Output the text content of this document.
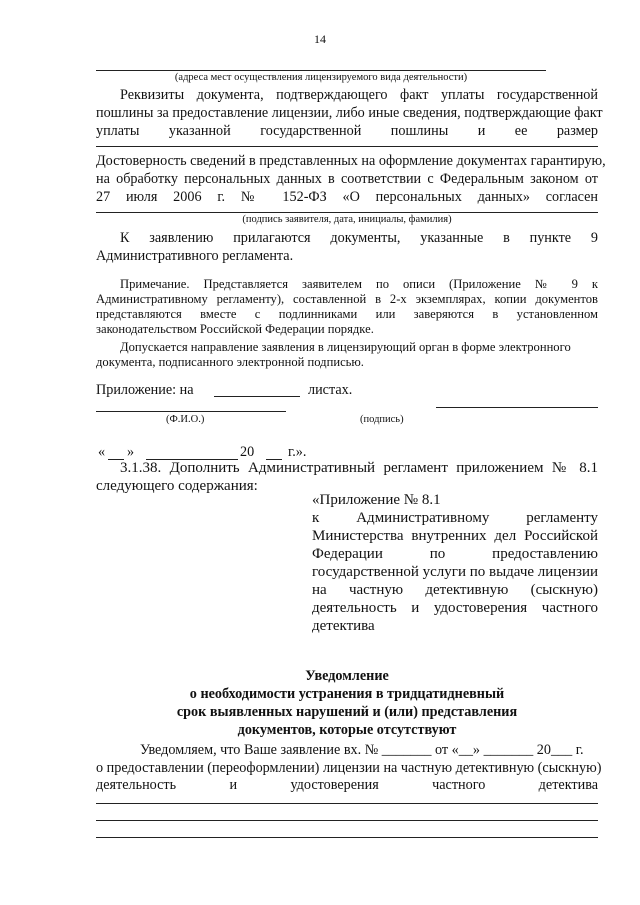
14
(адреса мест осуществления лицензируемого вида деятельности)
Реквизиты документа, подтверждающего факт уплаты государственной
пошлины за предоставление лицензии, либо иные сведения, подтверждающие факт
уплаты указанной государственной пошлины и ее размер
Достоверность сведений в представленных на оформление документах гарантирую,
на обработку персональных данных в соответствии с Федеральным законом от
27 июля 2006 г. № 152-ФЗ «О персональных данных» согласен
(подпись заявителя, дата, инициалы, фамилия)
К заявлению прилагаются документы, указанные в пункте 9
Административного регламента.
Примечание. Представляется заявителем по описи (Приложение № 9 к
Административному регламенту), составленной в 2-х экземплярах, копии документов
представляются вместе с подлинниками или заверяются в установленном
законодательством Российской Федерации порядке.
Допускается направление заявления в лицензирующий орган в форме электронного
документа, подписанного электронной подписью.
Приложение: на	листах.
(Ф.И.О.)	(подпись)
« »	20 г.».
3.1.38. Дополнить Административный регламент приложением № 8.1
следующего содержания:
«Приложение № 8.1
к Административному регламенту
Министерства внутренних дел Российской
Федерации по предоставлению
государственной услуги по выдаче лицензии
на частную детективную (сыскную)
деятельность и удостоверения частного
детектива
Уведомление
о необходимости устранения в тридцатидневный
срок выявленных нарушений и (или) представления
документов, которые отсутствуют
Уведомляем, что Ваше заявление вх. № _______ от «__» _______ 20___ г.
о предоставлении (переоформлении) лицензии на частную детективную (сыскную)
деятельность и удостоверения частного детектива
